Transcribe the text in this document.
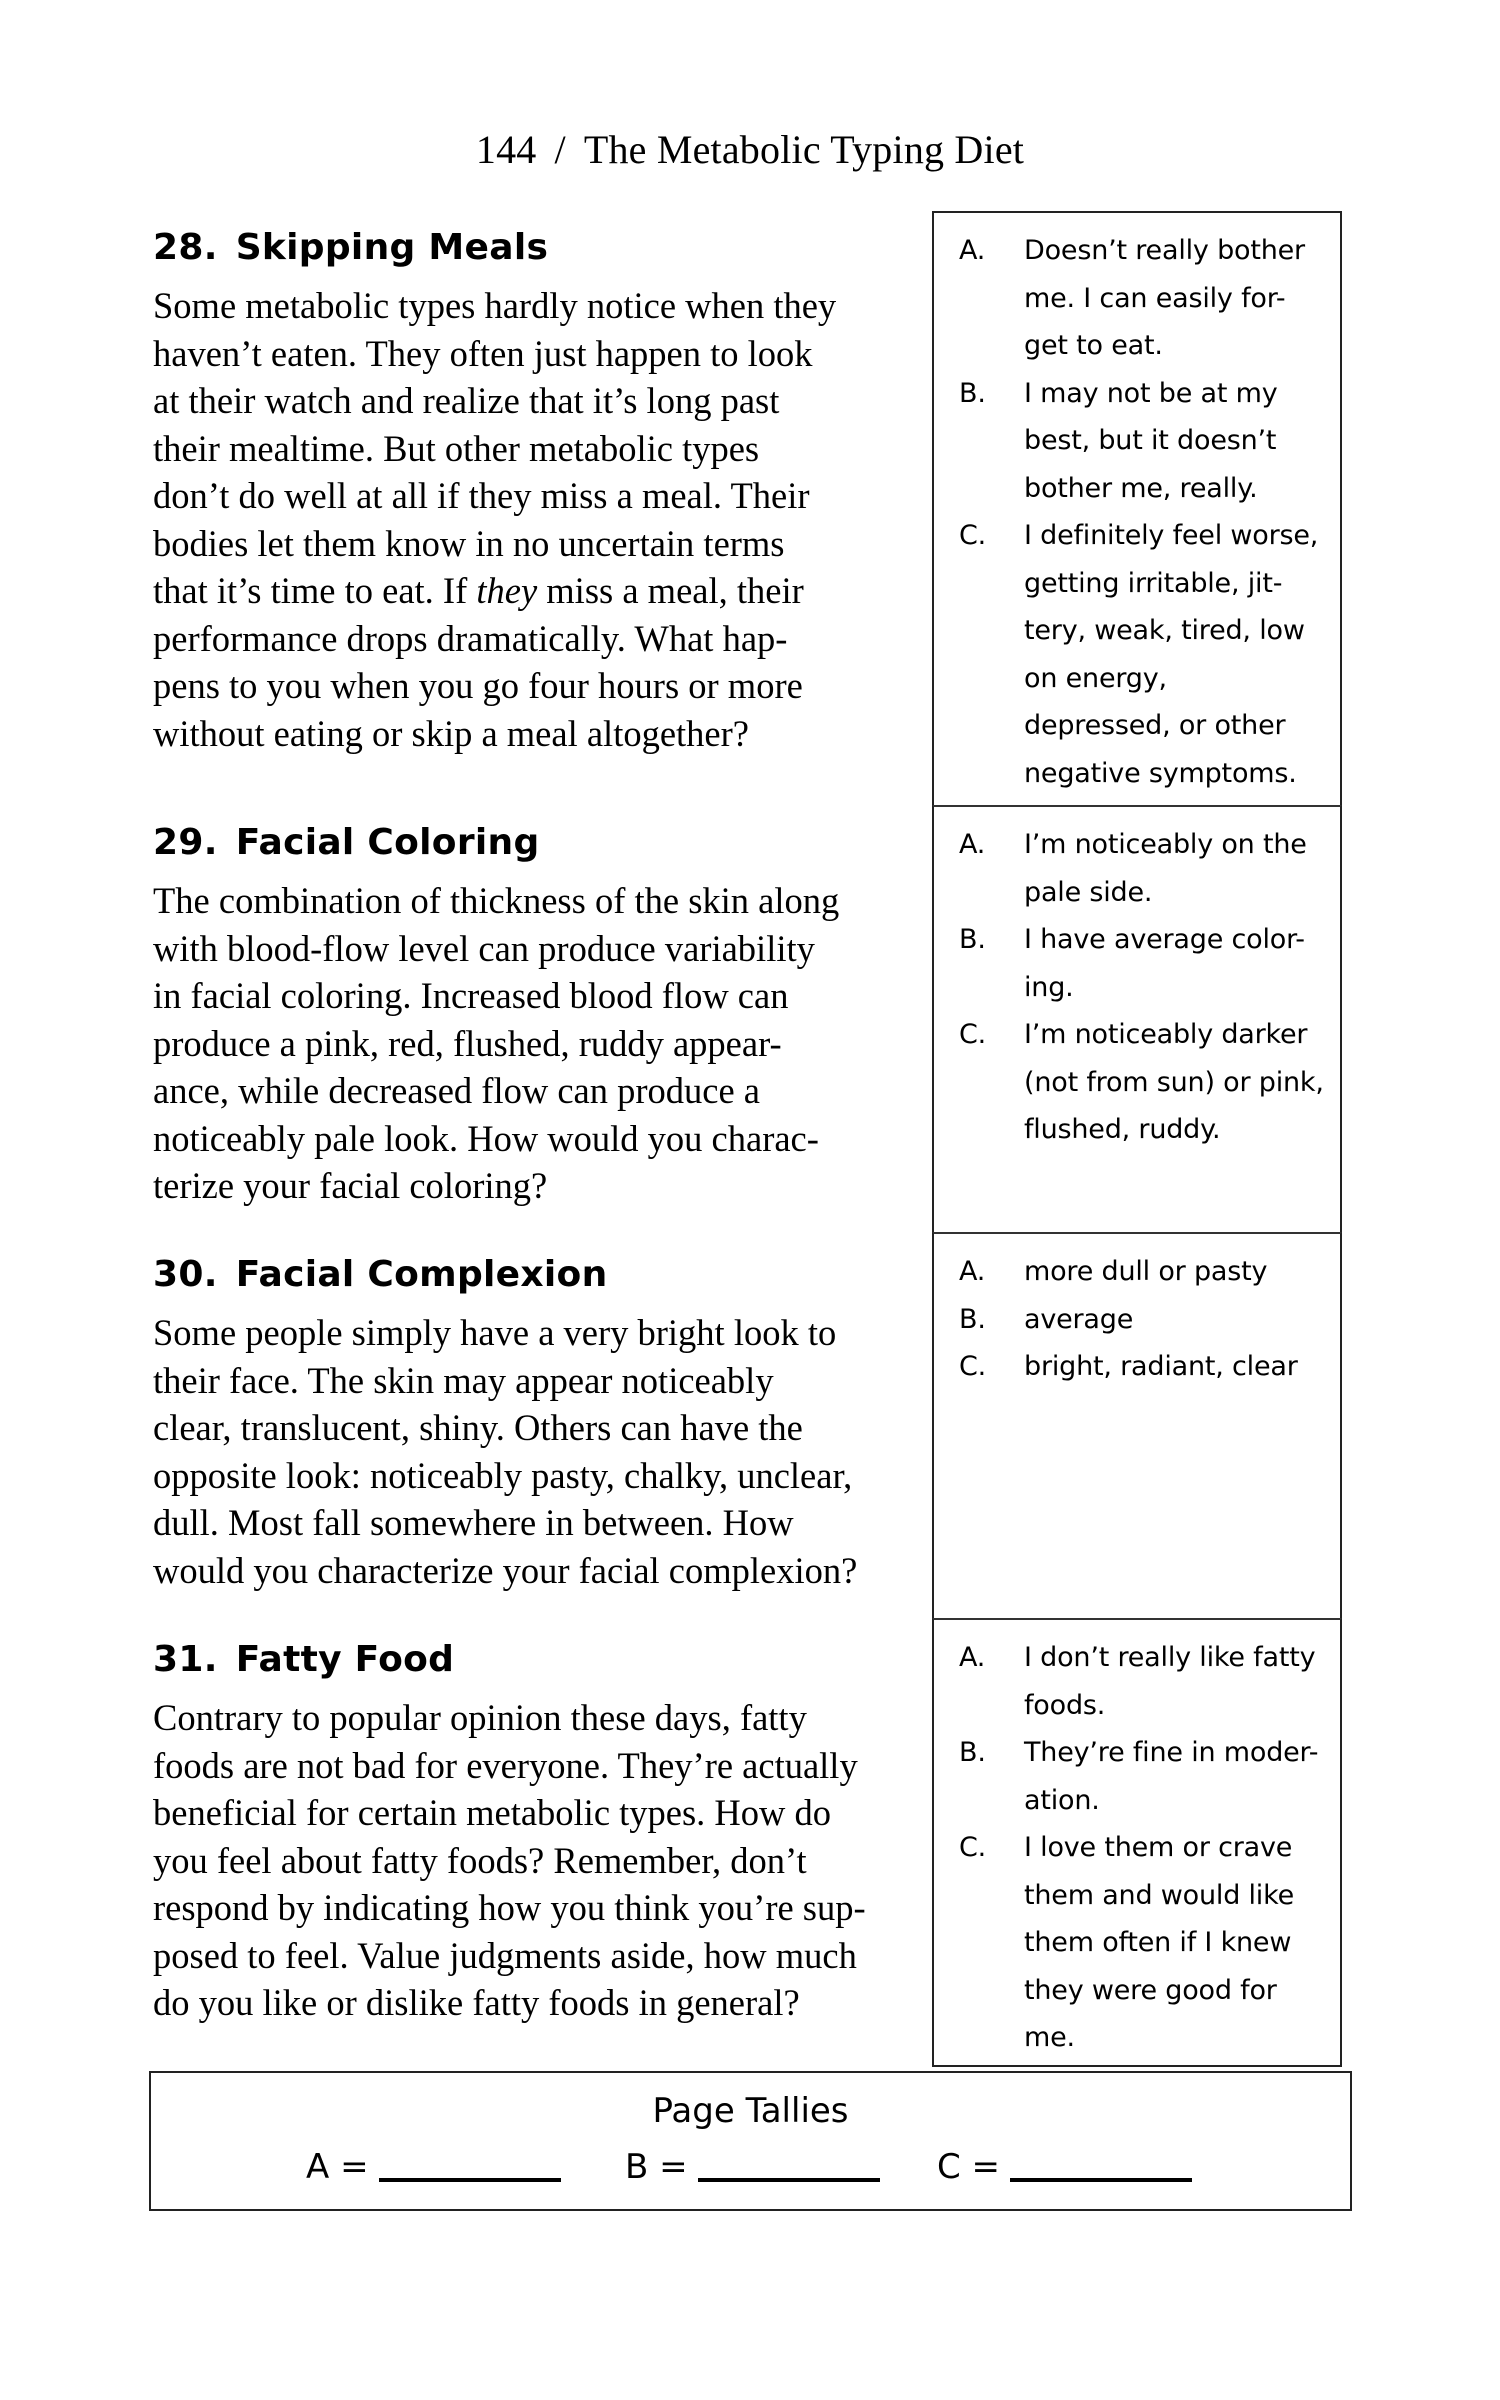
144 / The Metabolic Typing Diet
28. Skipping Meals

Some metabolic types hardly notice when they
haven’t eaten. They often just happen to look
at their watch and realize that it’s long past
their mealtime. But other metabolic types
don’t do well at all if they miss a meal. Their
bodies let them know in no uncertain terms
that it’s time to eat. If they miss a meal, their
performance drops dramatically. What hap-
pens to you when you go four hours or more
without eating or skip a meal altogether?

A.	Doesn’t really bother
me. I can easily for-
get to eat.
B.	I may not be at my
best, but it doesn’t
bother me, really.
C.	I definitely feel worse,
getting irritable, jit-
tery, weak, tired, low
on energy,
depressed, or other
negative symptoms.
29. Facial Coloring

The combination of thickness of the skin along
with blood-flow level can produce variability
in facial coloring. Increased blood flow can
produce a pink, red, flushed, ruddy appear-
ance, while decreased flow can produce a
noticeably pale look. How would you charac-
terize your facial coloring?

A.	I’m noticeably on the
pale side.
B.	I have average color-
ing.
C.	I’m noticeably darker
(not from sun) or pink,
flushed, ruddy.
30. Facial Complexion

Some people simply have a very bright look to
their face. The skin may appear noticeably
clear, translucent, shiny. Others can have the
opposite look: noticeably pasty, chalky, unclear,
dull. Most fall somewhere in between. How
would you characterize your facial complexion?

A.	more dull or pasty
B.	average
C.	bright, radiant, clear
31. Fatty Food

Contrary to popular opinion these days, fatty
foods are not bad for everyone. They’re actually
beneficial for certain metabolic types. How do
you feel about fatty foods? Remember, don’t
respond by indicating how you think you’re sup-
posed to feel. Value judgments aside, how much
do you like or dislike fatty foods in general?

A.	I don’t really like fatty
foods.
B.	They’re fine in moder-
ation.
C.	I love them or crave
them and would like
them often if I knew
they were good for
me.
Page Tallies
A =	B =	C =
